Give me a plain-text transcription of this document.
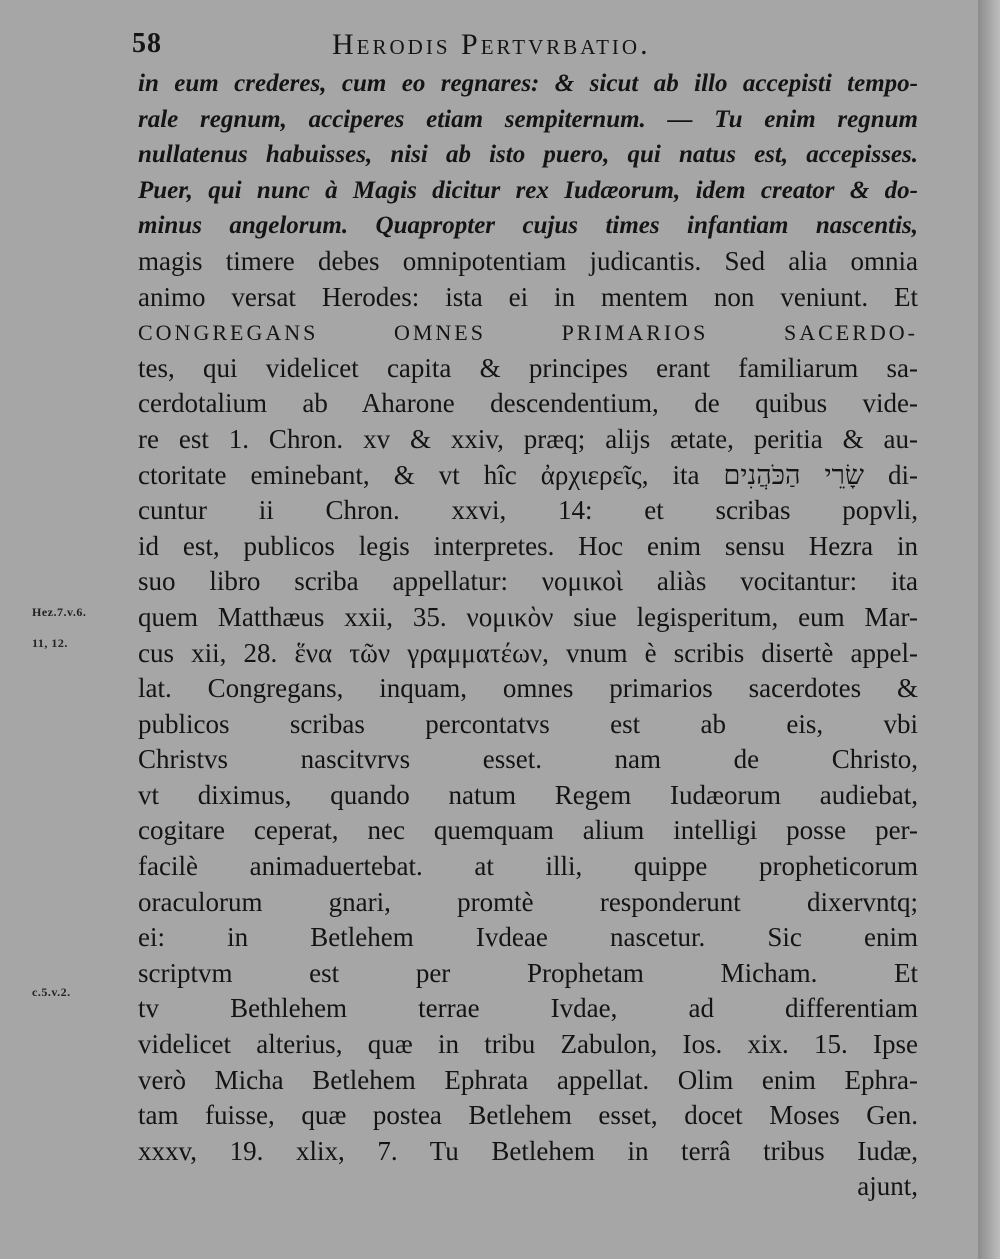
58	Herodis Pertvrbatio.
Hez.7.v.6.
11, 12.
c.5.v.2.
in eum crederes, cum eo regnares: & sicut ab illo accepisti tempo-
rale regnum, acciperes etiam sempiternum. — Tu enim regnum
nullatenus habuisses, nisi ab isto puero, qui natus est, accepisses.
Puer, qui nunc à Magis dicitur rex Iudæorum, idem creator & do-
minus angelorum. Quapropter cujus times infantiam nascentis,
magis timere debes omnipotentiam judicantis. Sed alia omnia
animo versat Herodes: ista ei in mentem non veniunt. Et
CONGREGANS OMNES PRIMARIOS SACERDO-
tes, qui videlicet capita & principes erant familiarum sa-
cerdotalium ab Aharone descendentium, de quibus vide-
re est 1. Chron. xv & xxiv, præq; alijs ætate, peritia & au-
ctoritate eminebant, & vt hîc ἀρχιερεῖς, ita שָׂרֵי הַכֹּהֲנִים di-
cuntur ii Chron. xxvi, 14: et scribas popvli,
id est, publicos legis interpretes. Hoc enim sensu Hezra in
suo libro scriba appellatur: νομικοὶ aliàs vocitantur: ita
quem Matthæus xxii, 35. νομικὸν siue legisperitum, eum Mar-
cus xii, 28. ἕνα τῶν γραμματέων, vnum è scribis disertè appel-
lat. Congregans, inquam, omnes primarios sacerdotes &
publicos scribas percontatvs est ab eis, vbi
Christvs nascitvrvs esset. nam de Christo,
vt diximus, quando natum Regem Iudæorum audiebat,
cogitare ceperat, nec quemquam alium intelligi posse per-
facilè animaduertebat. at illi, quippe propheticorum
oraculorum gnari, promtè responderunt dixervntq;
ei: in Betlehem Ivdeae nascetur. Sic enim
scriptvm est per Prophetam Micham. Et
tv Bethlehem terrae Ivdae, ad differentiam
videlicet alterius, quæ in tribu Zabulon, Ios. xix. 15. Ipse
verò Micha Betlehem Ephrata appellat. Olim enim Ephra-
tam fuisse, quæ postea Betlehem esset, docet Moses Gen.
xxxv, 19. xlix, 7. Tu Betlehem in terrâ tribus Iudæ,
ajunt,
